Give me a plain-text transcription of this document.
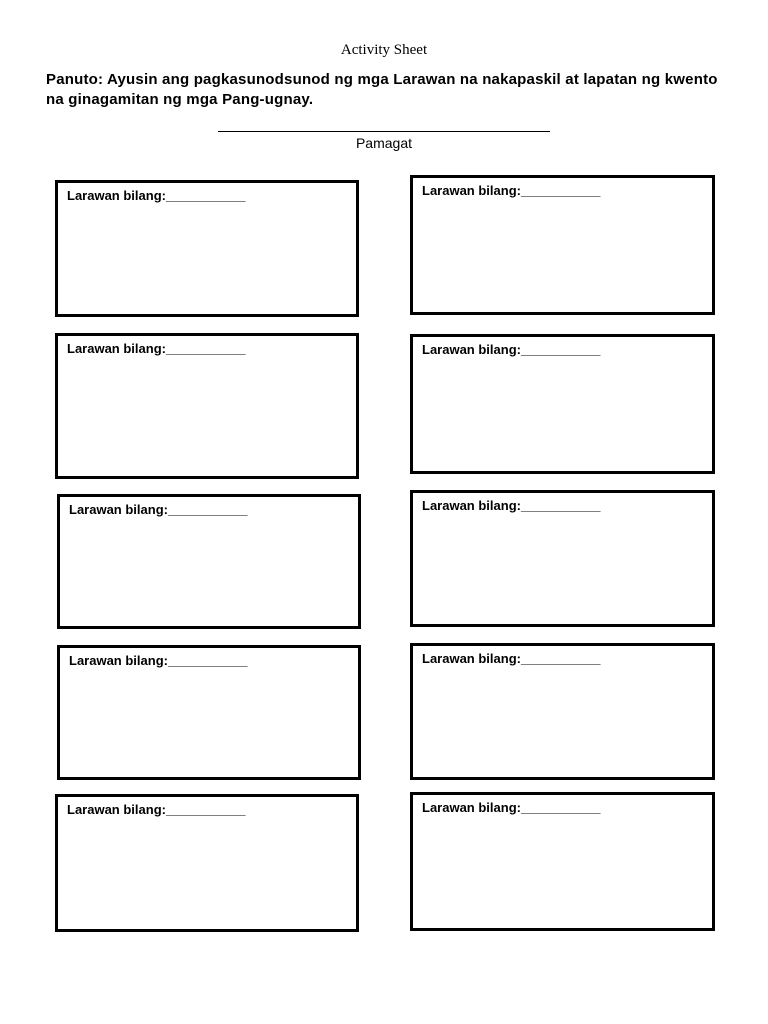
Activity Sheet
Panuto: Ayusin ang pagkasunodsunod ng mga Larawan na nakapaskil at lapatan ng kwento na ginagamitan ng mga Pang-ugnay.
Pamagat
Larawan bilang:___________	Larawan bilang:___________
Larawan bilang:___________	Larawan bilang:___________
Larawan bilang:___________	Larawan bilang:___________
Larawan bilang:___________	Larawan bilang:___________
Larawan bilang:___________	Larawan bilang:___________
